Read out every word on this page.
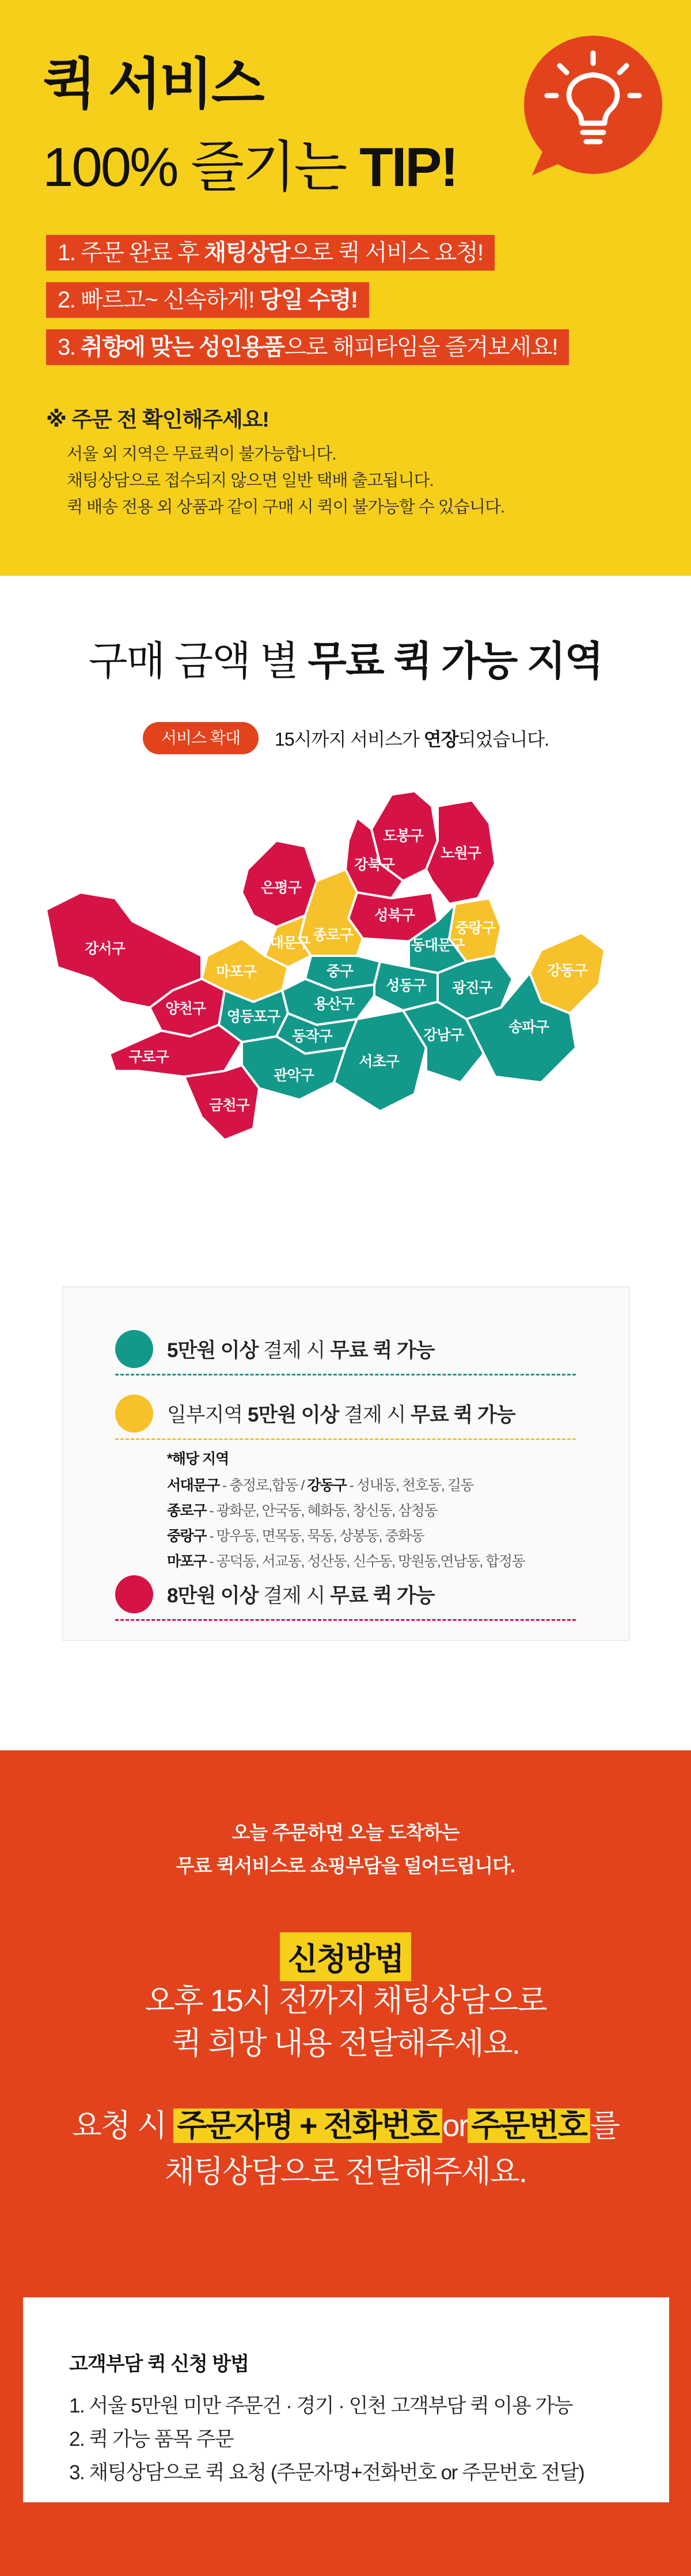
퀵 서비스
100% 즐기는 TIP!
1. 주문 완료 후 채팅상담으로 퀵 서비스 요청!
2. 빠르고~ 신속하게! 당일 수령!
3. 취향에 맞는 성인용품으로 해피타임을 즐겨보세요!
※ 주문 전 확인해주세요!
서울 외 지역은 무료퀵이 불가능합니다.
채팅상담으로 접수되지 않으면 일반 택배 출고됩니다.
퀵 배송 전용 외 상품과 같이 구매 시 퀵이 불가능할 수 있습니다.
구매 금액 별 무료 퀵 가능 지역
서비스 확대	15시까지 서비스가 연장되었습니다.
도봉구
노원구
강북구
은평구
성북구
종로구
서대문구
마포구
중랑구
강동구
동대문구
중구
성동구 광진구
용산구
영등포구
동작구
관악구
서초구
강남구	송파구
강서구
양천구
구로구
금천구
5만원 이상 결제 시 무료 퀵 가능
일부지역 5만원 이상 결제 시 무료 퀵 가능
*해당 지역
서대문구 - 충정로,합동 / 강동구 - 성내동, 천호동, 길동
종로구 - 광화문, 안국동, 혜화동, 창신동, 삼청동
중랑구 - 망우동, 면목동, 묵동, 상봉동, 중화동
마포구 - 공덕동, 서교동, 성산동, 신수동, 망원동,연남동, 합정동
8만원 이상 결제 시 무료 퀵 가능
오늘 주문하면 오늘 도착하는
무료 퀵서비스로 쇼핑부담을 덜어드립니다.
신청방법
오후 15시 전까지 채팅상담으로
퀵 희망 내용 전달해주세요.
요청 시 주문자명 + 전화번호 or 주문번호 를
채팅상담으로 전달해주세요.
고객부담 퀵 신청 방법
1. 서울 5만원 미만 주문건 · 경기 · 인천 고객부담 퀵 이용 가능
2. 퀵 가능 품목 주문
3. 채팅상담으로 퀵 요청 (주문자명+전화번호 or 주문번호 전달)
